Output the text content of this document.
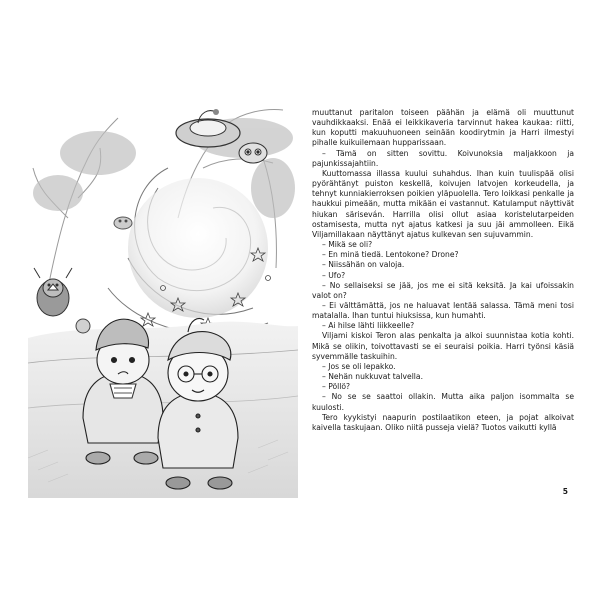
muuttanut paritalon toiseen päähän ja elämä oli muuttunut vauhdikkaaksi. Enää ei leikkikaveria tarvinnut hakea kaukaa: riitti, kun koputti makuuhuoneen seinään koodirytmin ja Harri ilmestyi pihalle kuikuilemaan hupparissaan.

– Tämä on sitten sovittu. Koivunoksia maljakkoon ja pajunkissajahtiin.

Kuuttomassa illassa kuului suhahdus. Ihan kuin tuulispää olisi pyörähtänyt puiston keskellä, koivujen latvojen korkeudella, ja tehnyt kunniakierroksen poikien yläpuolella. Tero loikkasi penkalle ja haukkui pimeään, mutta mikään ei vastannut. Katulamput näyttivät hiukan säriseván. Harrilla olisi ollut asiaa koristelutarpeiden ostamisesta, mutta nyt ajatus katkesi ja suu jäi ammolleen. Eikä Viljamillakaan näyttänyt ajatus kulkevan sen sujuvammin.

– Mikä se oli?

– En minä tiedä. Lentokone? Drone?

– Niissähän on valoja.

– Ufo?

– No sellaiseksi se jää, jos me ei sitä keksitä. Ja kai ufoissakin valot on?

– Ei välttämättä, jos ne haluavat lentää salassa. Tämä meni tosi matalalla. Ihan tuntui hiuksissa, kun humahti.

– Ai hilse lähti liikkeelle?

Viljami kiskoi Teron alas penkalta ja alkoi suunnistaa kotia kohti. Mikä se olikin, toivottavasti se ei seuraisi poikia. Harri työnsi käsiä syvemmälle taskuihin.

– Jos se oli lepakko.

– Nehän nukkuvat talvella.

– Pöllö?

– No se se saattoi ollakin. Mutta aika paljon isommalta se kuulosti.

Tero kyykistyi naapurin postilaatikon eteen, ja pojat alkoivat kaivella taskujaan. Oliko niitä pusseja vielä? Tuotos vaikutti kyllä

5
